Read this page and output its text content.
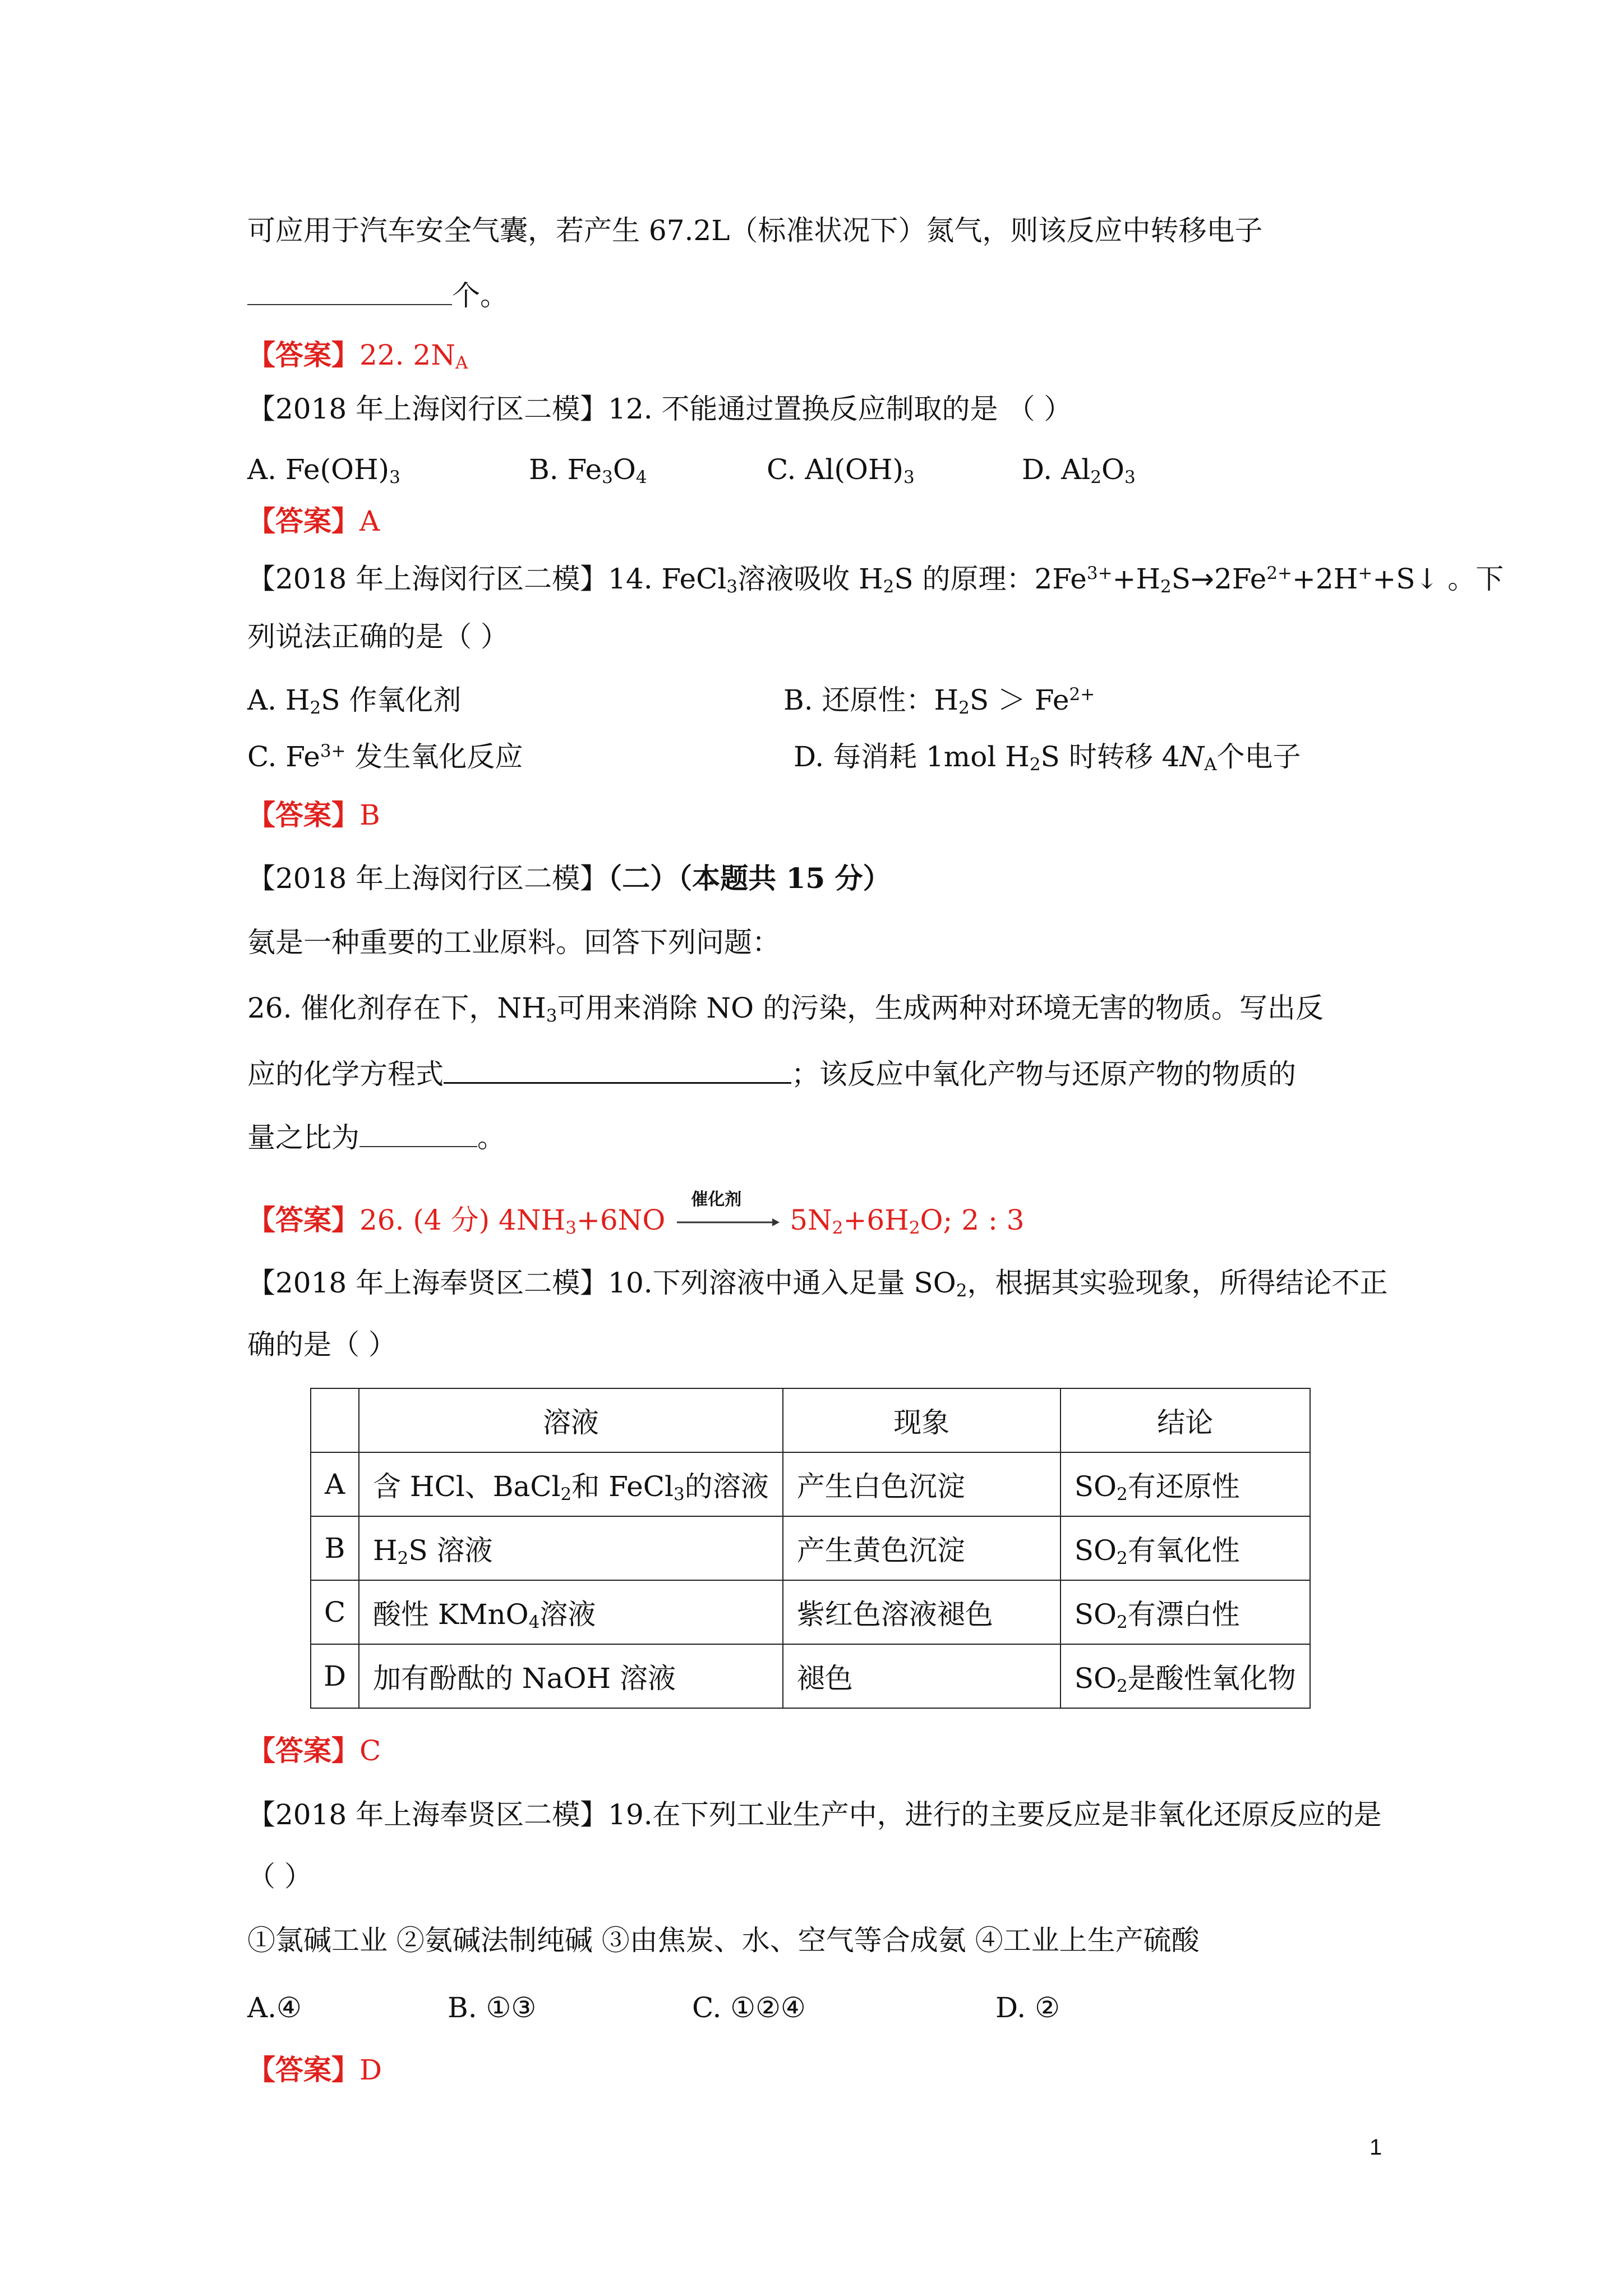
可应用于汽车安全气囊，若产生 67.2L（标准状况下）氮气，则该反应中转移电子
个。
【答案】22. $2N_A$
【2018 年上海闵行区二模】12. 不能通过置换反应制取的是 （ ）
A. $Fe(OH)_3$	B. $Fe_3O_4$	C. $Al(OH)_3$	D. $Al_2O_3$
【答案】A
【2018 年上海闵行区二模】14. FeCl$_3$溶液吸收 $H_2S$ 的原理：$2Fe^{3+}+H_2S\to 2Fe^{2+}+2H^++S↓$ 。下
列说法正确的是（ ）
A. $H_2S$ 作氧化剂	B. 还原性：$H_2S > Fe^{2+}$
C. $Fe^{3+}$ 发生氧化反应	D. 每消耗 1mol $H_2S$ 时转移 $4N_A$个电子
【答案】B
【2018 年上海闵行区二模】（二）（本题共 15 分）
氨是一种重要的工业原料。回答下列问题：
26. 催化剂存在下，$NH_3$可用来消除 NO 的污染，生成两种对环境无害的物质。写出反
应的化学方程式	；该反应中氧化产物与还原产物的物质的
量之比为	。
【答案】26. (4 分) $4NH_3+6NO$
催化剂
$5N_2+6H_2O$; 2 : 3
【2018 年上海奉贤区二模】10.下列溶液中通入足量 $SO_2$，根据其实验现象，所得结论不正
确的是（ ）
	溶液	现象	结论
A	含 HCl、BaCl$_2$和 FeCl$_3$的溶液	产生白色沉淀	$SO_2$有还原性
B	$H_2S$ 溶液	产生黄色沉淀	$SO_2$有氧化性
C	酸性 KMnO$_4$溶液	紫红色溶液褪色	$SO_2$有漂白性
D	加有酚酞的 NaOH 溶液	褪色	$SO_2$是酸性氧化物
【答案】C
【2018 年上海奉贤区二模】19.在下列工业生产中，进行的主要反应是非氧化还原反应的是
（ ）
①氯碱工业 ②氨碱法制纯碱 ③由焦炭、水、空气等合成氨 ④工业上生产硫酸
A.④	B. ①③	C. ①②④	D. ②
【答案】D
1
